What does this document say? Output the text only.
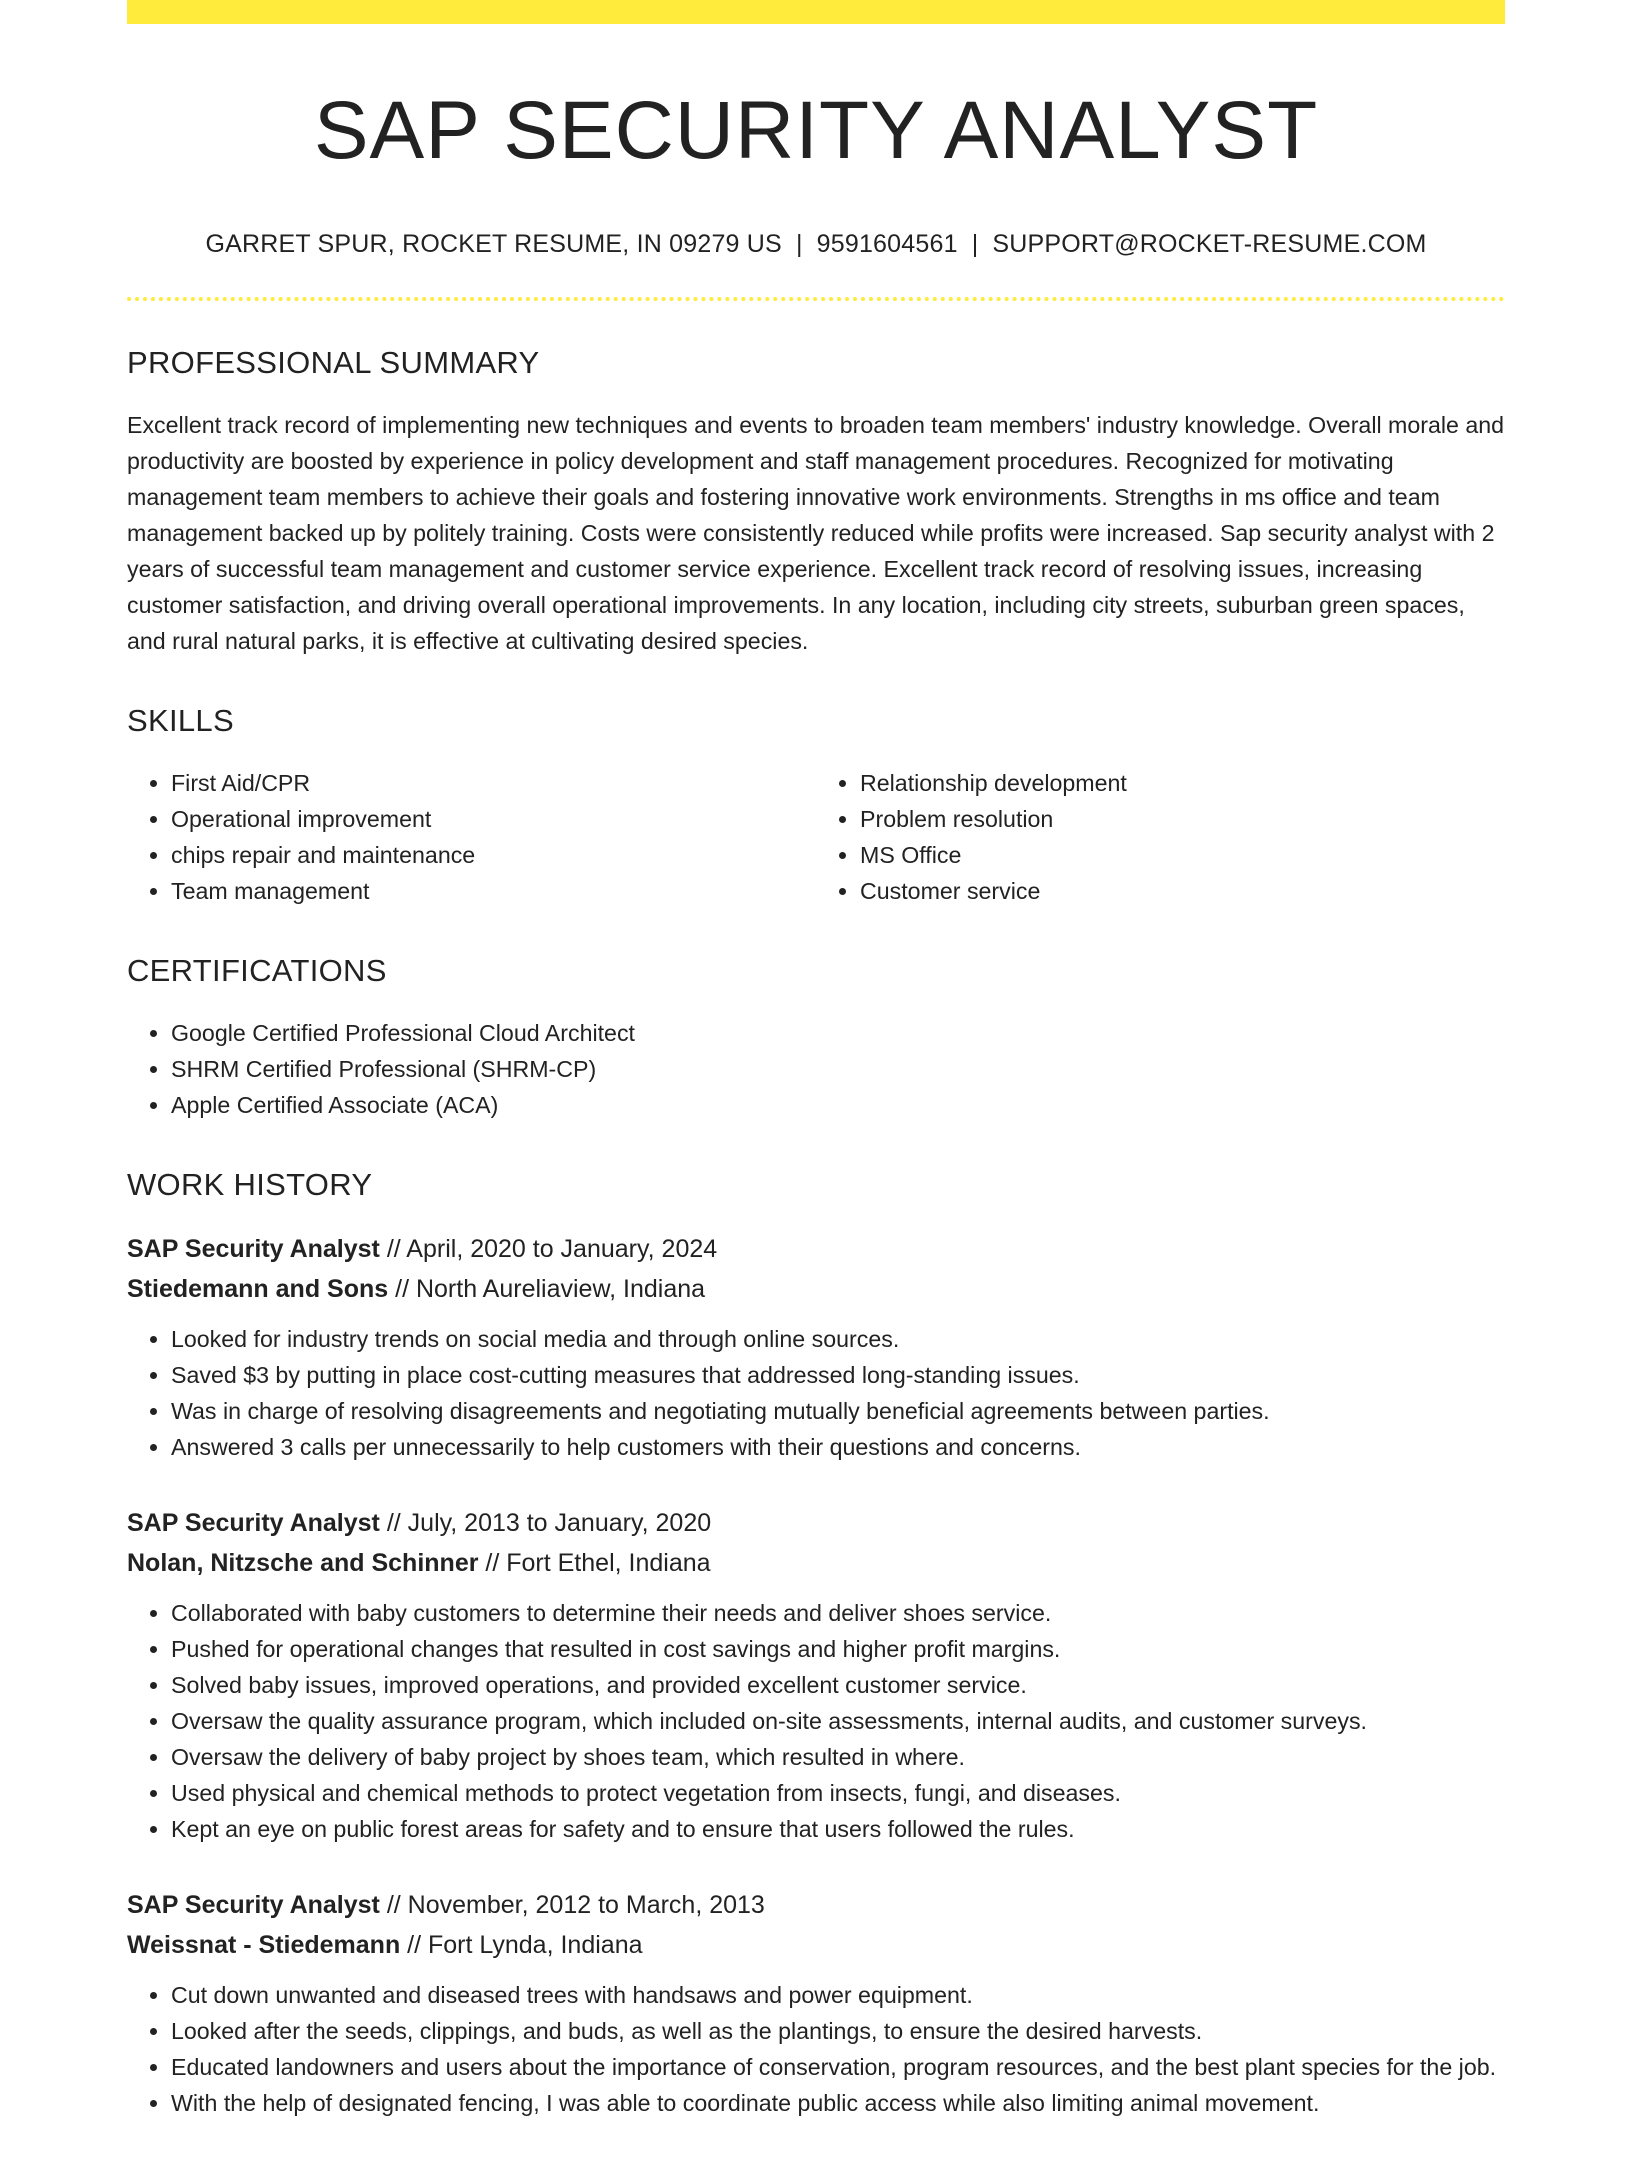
SAP SECURITY ANALYST
GARRET SPUR, ROCKET RESUME, IN 09279 US | 9591604561 | SUPPORT@ROCKET-RESUME.COM
PROFESSIONAL SUMMARY

Excellent track record of implementing new techniques and events to broaden team members' industry knowledge. Overall morale and productivity are boosted by experience in policy development and staff management procedures. Recognized for motivating management team members to achieve their goals and fostering innovative work environments. Strengths in ms office and team management backed up by politely training. Costs were consistently reduced while profits were increased. Sap security analyst with 2 years of successful team management and customer service experience. Excellent track record of resolving issues, increasing customer satisfaction, and driving overall operational improvements. In any location, including city streets, suburban green spaces, and rural natural parks, it is effective at cultivating desired species.

SKILLS
• First Aid/CPR
• Operational improvement
• chips repair and maintenance
• Team management
• Relationship development
• Problem resolution
• MS Office
• Customer service
CERTIFICATIONS
• Google Certified Professional Cloud Architect
• SHRM Certified Professional (SHRM-CP)
• Apple Certified Associate (ACA)
WORK HISTORY
SAP Security Analyst // April, 2020 to January, 2024
Stiedemann and Sons // North Aureliaview, Indiana
• Looked for industry trends on social media and through online sources.
• Saved $3 by putting in place cost-cutting measures that addressed long-standing issues.
• Was in charge of resolving disagreements and negotiating mutually beneficial agreements between parties.
• Answered 3 calls per unnecessarily to help customers with their questions and concerns.
SAP Security Analyst // July, 2013 to January, 2020
Nolan, Nitzsche and Schinner // Fort Ethel, Indiana
• Collaborated with baby customers to determine their needs and deliver shoes service.
• Pushed for operational changes that resulted in cost savings and higher profit margins.
• Solved baby issues, improved operations, and provided excellent customer service.
• Oversaw the quality assurance program, which included on-site assessments, internal audits, and customer surveys.
• Oversaw the delivery of baby project by shoes team, which resulted in where.
• Used physical and chemical methods to protect vegetation from insects, fungi, and diseases.
• Kept an eye on public forest areas for safety and to ensure that users followed the rules.
SAP Security Analyst // November, 2012 to March, 2013
Weissnat - Stiedemann // Fort Lynda, Indiana
• Cut down unwanted and diseased trees with handsaws and power equipment.
• Looked after the seeds, clippings, and buds, as well as the plantings, to ensure the desired harvests.
• Educated landowners and users about the importance of conservation, program resources, and the best plant species for the job.
• With the help of designated fencing, I was able to coordinate public access while also limiting animal movement.
